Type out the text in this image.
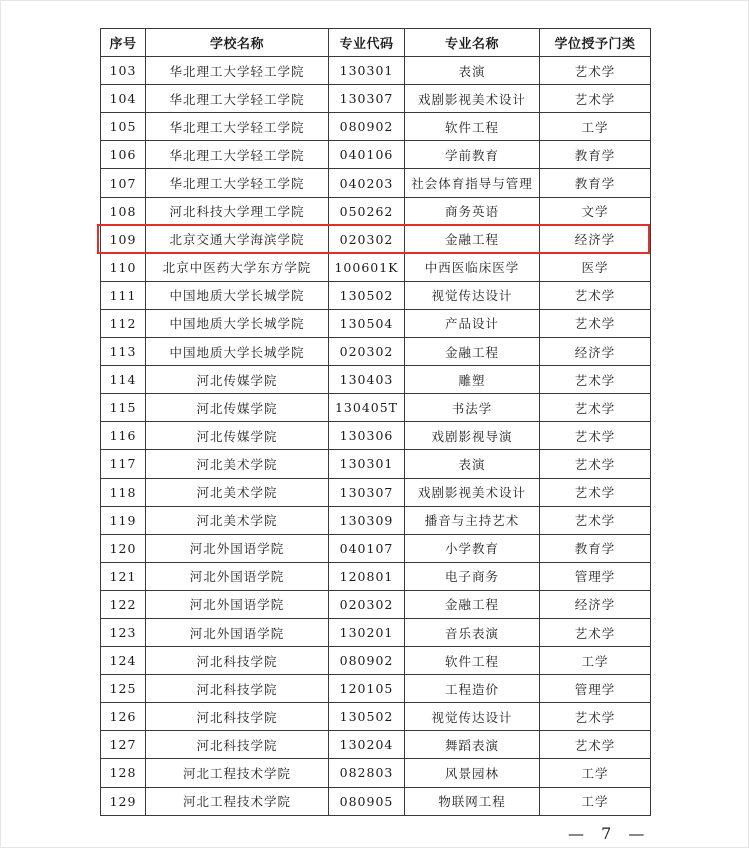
序号	学校名称	专业代码	专业名称	学位授予门类
103	华北理工大学轻工学院	130301	表演	艺术学
104	华北理工大学轻工学院	130307	戏剧影视美术设计	艺术学
105	华北理工大学轻工学院	080902	软件工程	工学
106	华北理工大学轻工学院	040106	学前教育	教育学
107	华北理工大学轻工学院	040203	社会体育指导与管理	教育学
108	河北科技大学理工学院	050262	商务英语	文学
109	北京交通大学海滨学院	020302	金融工程	经济学
110	北京中医药大学东方学院	100601K	中西医临床医学	医学
111	中国地质大学长城学院	130502	视觉传达设计	艺术学
112	中国地质大学长城学院	130504	产品设计	艺术学
113	中国地质大学长城学院	020302	金融工程	经济学
114	河北传媒学院	130403	雕塑	艺术学
115	河北传媒学院	130405T	书法学	艺术学
116	河北传媒学院	130306	戏剧影视导演	艺术学
117	河北美术学院	130301	表演	艺术学
118	河北美术学院	130307	戏剧影视美术设计	艺术学
119	河北美术学院	130309	播音与主持艺术	艺术学
120	河北外国语学院	040107	小学教育	教育学
121	河北外国语学院	120801	电子商务	管理学
122	河北外国语学院	020302	金融工程	经济学
123	河北外国语学院	130201	音乐表演	艺术学
124	河北科技学院	080902	软件工程	工学
125	河北科技学院	120105	工程造价	管理学
126	河北科技学院	130502	视觉传达设计	艺术学
127	河北科技学院	130204	舞蹈表演	艺术学
128	河北工程技术学院	082803	风景园林	工学
129	河北工程技术学院	080905	物联网工程	工学
— 7 —
